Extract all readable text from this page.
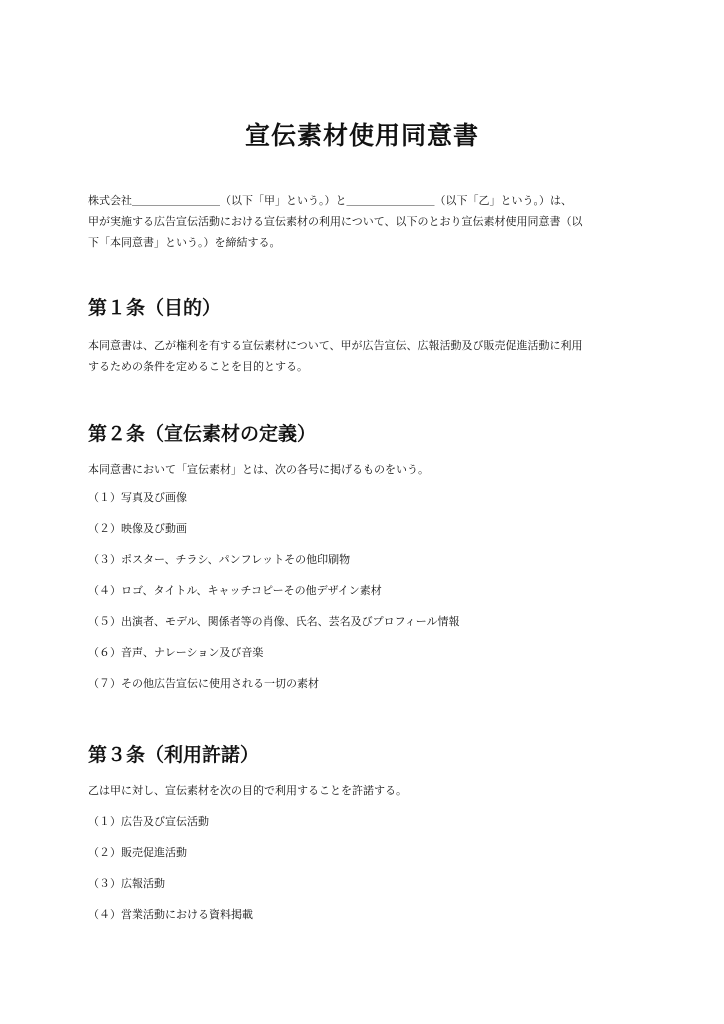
宣伝素材使用同意書
株式会社＿＿＿＿＿＿＿＿（以下「甲」という。）と＿＿＿＿＿＿＿＿（以下「乙」という。）は、
甲が実施する広告宣伝活動における宣伝素材の利用について、以下のとおり宣伝素材使用同意書（以
下「本同意書」という。）を締結する。
第１条（目的）
本同意書は、乙が権利を有する宣伝素材について、甲が広告宣伝、広報活動及び販売促進活動に利用
するための条件を定めることを目的とする。
第２条（宣伝素材の定義）
本同意書において「宣伝素材」とは、次の各号に掲げるものをいう。
（１）写真及び画像
（２）映像及び動画
（３）ポスター、チラシ、パンフレットその他印刷物
（４）ロゴ、タイトル、キャッチコピーその他デザイン素材
（５）出演者、モデル、関係者等の肖像、氏名、芸名及びプロフィール情報
（６）音声、ナレーション及び音楽
（７）その他広告宣伝に使用される一切の素材
第３条（利用許諾）
乙は甲に対し、宣伝素材を次の目的で利用することを許諾する。
（１）広告及び宣伝活動
（２）販売促進活動
（３）広報活動
（４）営業活動における資料掲載
